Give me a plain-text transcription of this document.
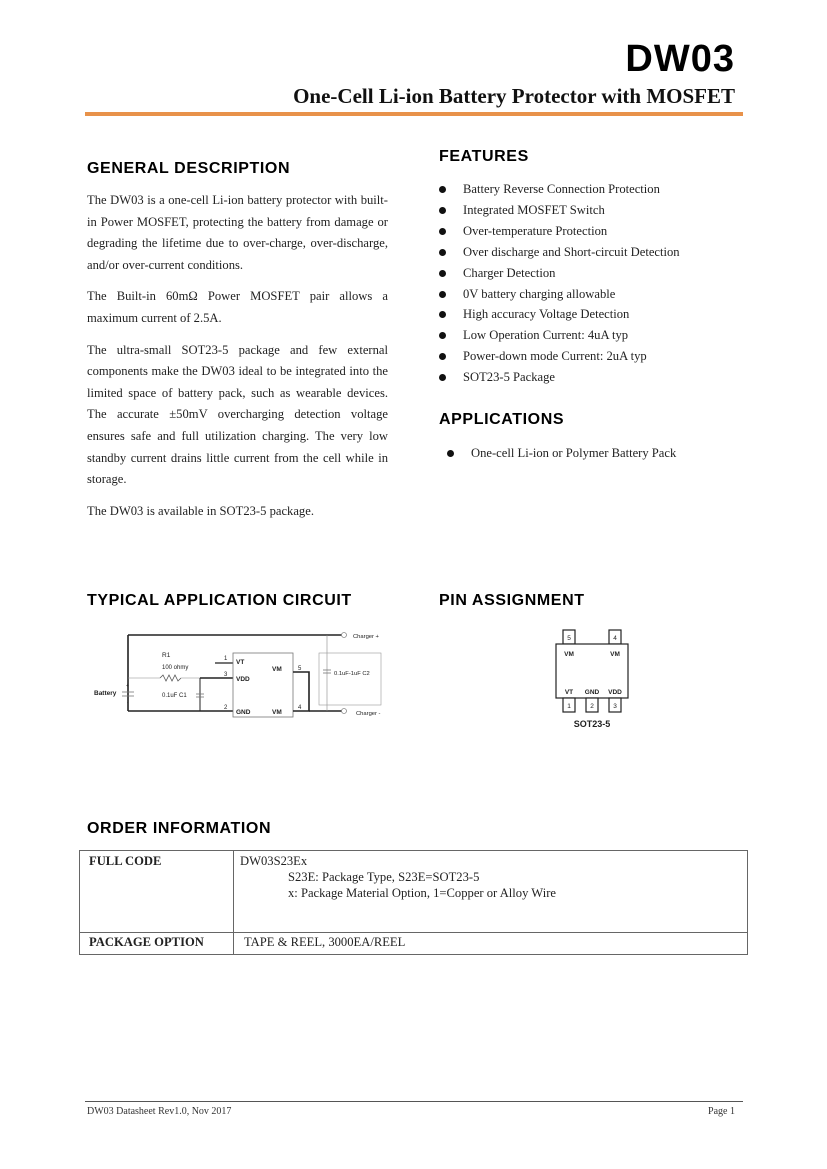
DW03
One-Cell Li-ion Battery Protector with MOSFET
GENERAL DESCRIPTION

The DW03 is a one-cell Li-ion battery protector with built-in Power MOSFET, protecting the battery from damage or degrading the lifetime due to over-charge, over-discharge, and/or over-current conditions.

The Built-in 60mΩ Power MOSFET pair allows a maximum current of 2.5A.

The ultra-small SOT23-5 package and few external components make the DW03 ideal to be integrated into the limited space of battery pack, such as wearable devices. The accurate ±50mV overcharging detection voltage ensures safe and full utilization charging. The very low standby current drains little current from the cell while in storage.

The DW03 is available in SOT23-5 package.

FEATURES
Battery Reverse Connection Protection
Integrated MOSFET Switch
Over-temperature Protection
Over discharge and Short-circuit Detection
Charger Detection
0V battery charging allowable
High accuracy Voltage Detection
Low Operation Current: 4uA typ
Power-down mode Current: 2uA typ
SOT23-5 Package
APPLICATIONS
One-cell Li-ion or Polymer Battery Pack
TYPICAL APPLICATION CIRCUIT
Battery
+
-
R1
100 ohmy
0.1uF C1
1
3
2
VT
VDD
GND
VM
VM
5
4
0.1uF-1uF C2
Charger +
Charger -
PIN ASSIGNMENT
5	4
VM	VM
VT GND VDD
1	2	3
SOT23-5
ORDER INFORMATION
FULL CODE	DW03S23Ex
S23E: Package Type, S23E=SOT23-5
x: Package Material Option, 1=Copper or Alloy Wire

PACKAGE OPTION	TAPE & REEL, 3000EA/REEL
DW03 Datasheet Rev1.0, Nov 2017	Page 1
